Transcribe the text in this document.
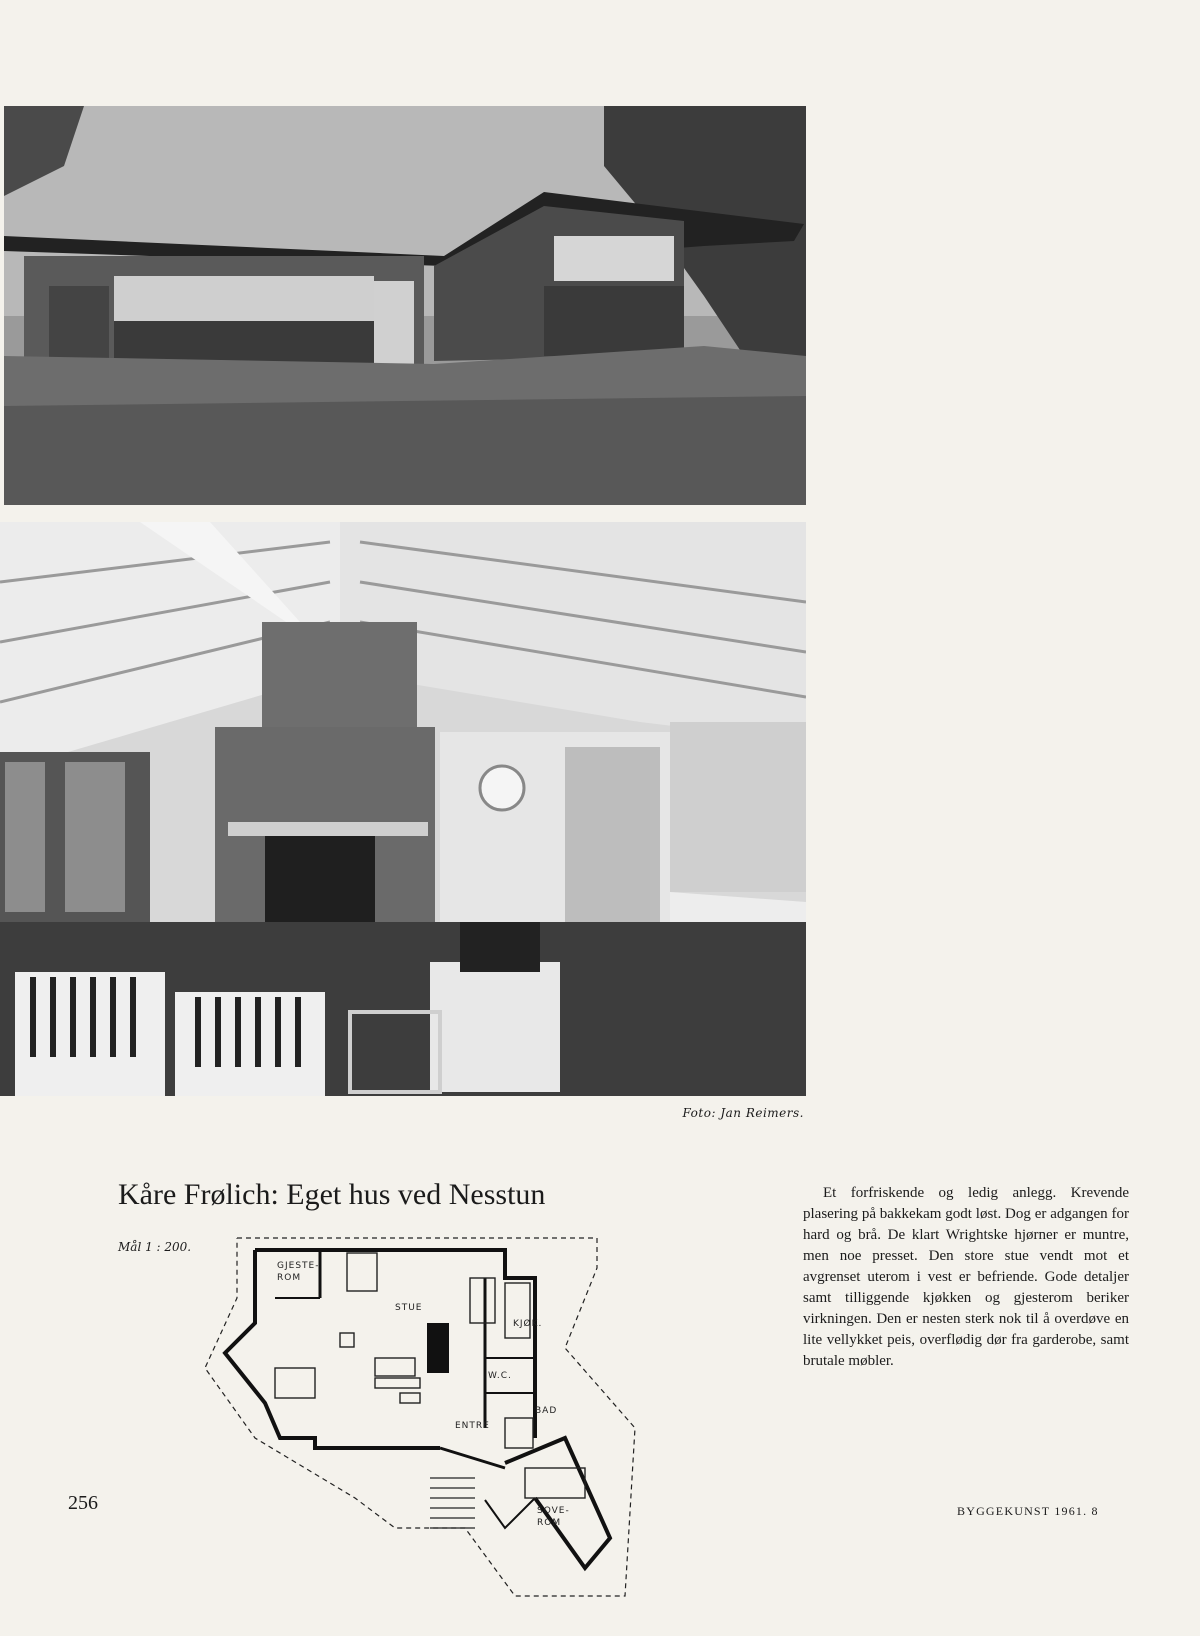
Foto: Jan Reimers.
Kåre Frølich: Eget hus ved Nesstun
Mål 1 : 200.
GJESTE-
ROM
STUE
KJØK.
W.C.
BAD
ENTRE
SOVE-
ROM

Et forfriskende og ledig anlegg. Krevende plasering på bakkekam godt løst. Dog er adgangen for hard og brå. De klart Wrightske hjørner er muntre, men noe presset. Den store stue vendt mot et avgrenset uterom i vest er befriende. Gode detaljer samt tilliggende kjøkken og gjesterom beriker virkningen. Den er nesten sterk nok til å overdøve en lite vellykket peis, overflødig dør fra garderobe, samt brutale møbler.

256	BYGGEKUNST 1961. 8
